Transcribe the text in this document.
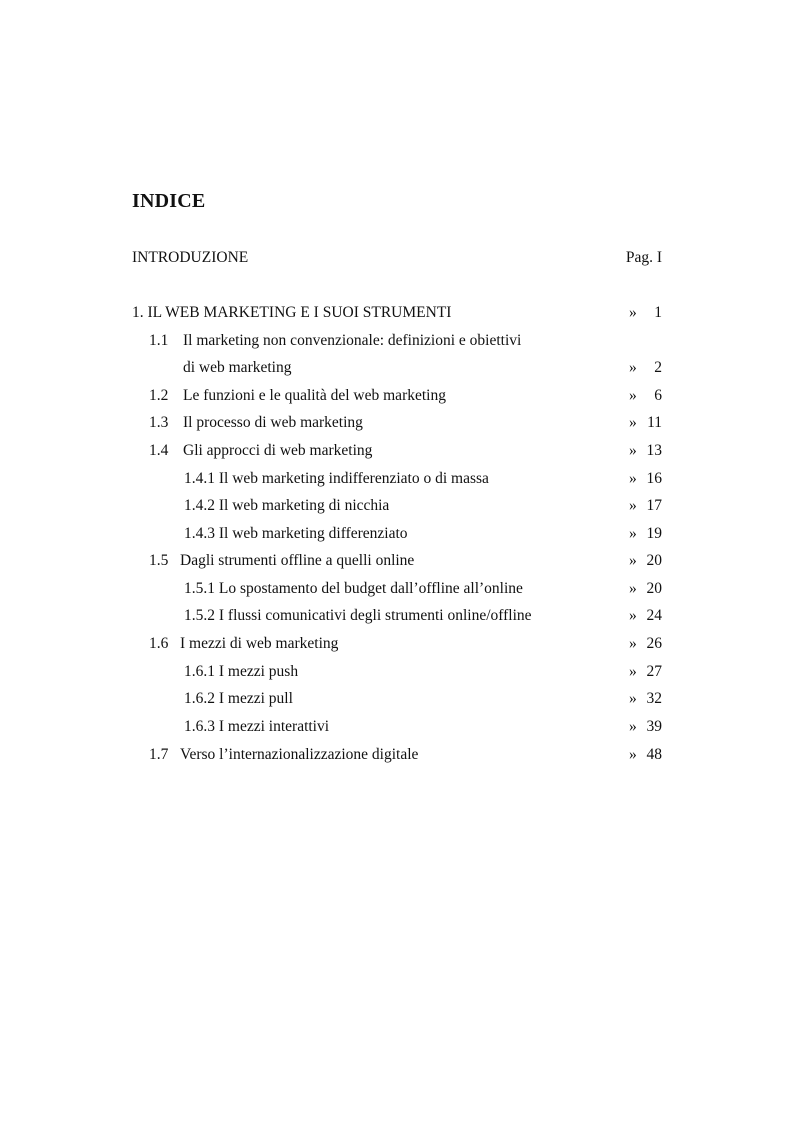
INDICE
INTRODUZIONE	Pag. I
1. IL WEB MARKETING E I SUOI STRUMENTI	» 1
1.1 Il marketing non convenzionale: definizioni e obiettivi
di web marketing	» 2
1.2 Le funzioni e le qualità del web marketing	» 6
1.3 Il processo di web marketing	» 11
1.4 Gli approcci di web marketing	» 13
1.4.1 Il web marketing indifferenziato o di massa	» 16
1.4.2 Il web marketing di nicchia	» 17
1.4.3 Il web marketing differenziato	» 19
1.5 Dagli strumenti offline a quelli online	» 20
1.5.1 Lo spostamento del budget dall’offline all’online	» 20
1.5.2 I flussi comunicativi degli strumenti online/offline	» 24
1.6 I mezzi di web marketing	» 26
1.6.1 I mezzi push	» 27
1.6.2 I mezzi pull	» 32
1.6.3 I mezzi interattivi	» 39
1.7 Verso l’internazionalizzazione digitale	» 48
